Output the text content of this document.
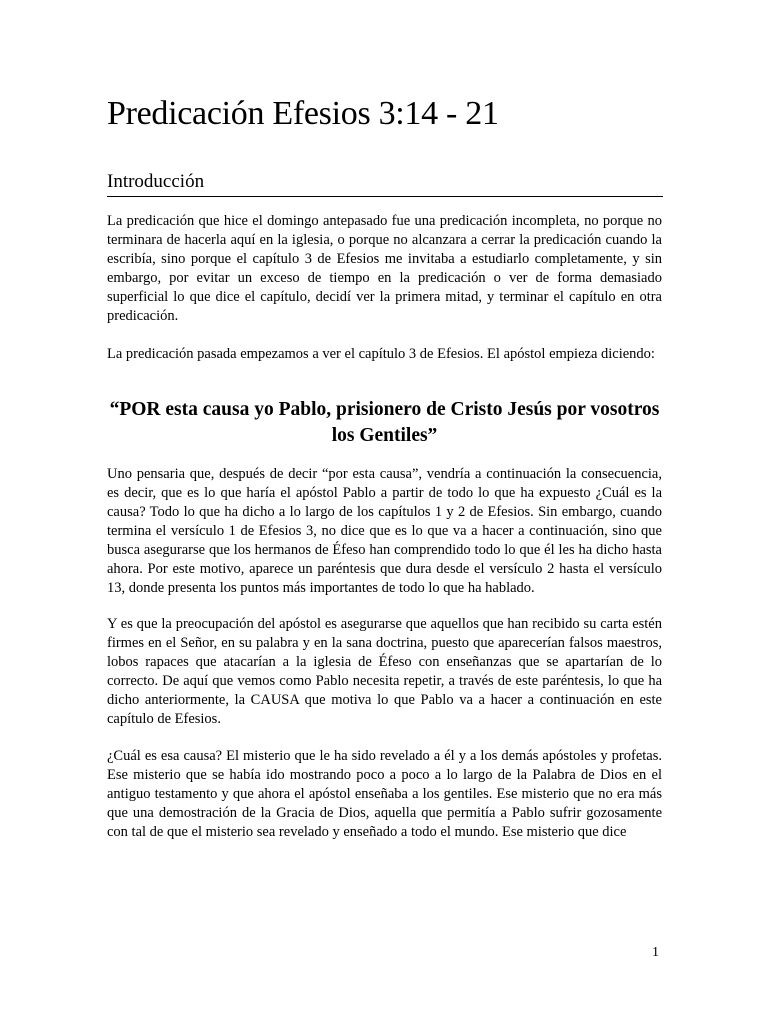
Predicación Efesios 3:14 - 21
Introducción

La predicación que hice el domingo antepasado fue una predicación incompleta, no porque no terminara de hacerla aquí en la iglesia, o porque no alcanzara a cerrar la predicación cuando la escribía, sino porque el capítulo 3 de Efesios me invitaba a estudiarlo completamente, y sin embargo, por evitar un exceso de tiempo en la predicación o ver de forma demasiado superficial lo que dice el capítulo, decidí ver la primera mitad, y terminar el capítulo en otra predicación.

La predicación pasada empezamos a ver el capítulo 3 de Efesios. El apóstol empieza diciendo:

“POR esta causa yo Pablo, prisionero de Cristo Jesús por vosotros los Gentiles”

Uno pensaria que, después de decir “por esta causa”, vendría a continuación la consecuencia, es decir, que es lo que haría el apóstol Pablo a partir de todo lo que ha expuesto ¿Cuál es la causa? Todo lo que ha dicho a lo largo de los capítulos 1 y 2 de Efesios. Sin embargo, cuando termina el versículo 1 de Efesios 3, no dice que es lo que va a hacer a continuación, sino que busca asegurarse que los hermanos de Éfeso han comprendido todo lo que él les ha dicho hasta ahora. Por este motivo, aparece un paréntesis que dura desde el versículo 2 hasta el versículo 13, donde presenta los puntos más importantes de todo lo que ha hablado.

Y es que la preocupación del apóstol es asegurarse que aquellos que han recibido su carta estén firmes en el Señor, en su palabra y en la sana doctrina, puesto que aparecerían falsos maestros, lobos rapaces que atacarían a la iglesia de Éfeso con enseñanzas que se apartarían de lo correcto. De aquí que vemos como Pablo necesita repetir, a través de este paréntesis, lo que ha dicho anteriormente, la CAUSA que motiva lo que Pablo va a hacer a continuación en este capítulo de Efesios.

¿Cuál es esa causa? El misterio que le ha sido revelado a él y a los demás apóstoles y profetas. Ese misterio que se había ido mostrando poco a poco a lo largo de la Palabra de Dios en el antiguo testamento y que ahora el apóstol enseñaba a los gentiles. Ese misterio que no era más que una demostración de la Gracia de Dios, aquella que permitía a Pablo sufrir gozosamente con tal de que el misterio sea revelado y enseñado a todo el mundo. Ese misterio que dice

1
